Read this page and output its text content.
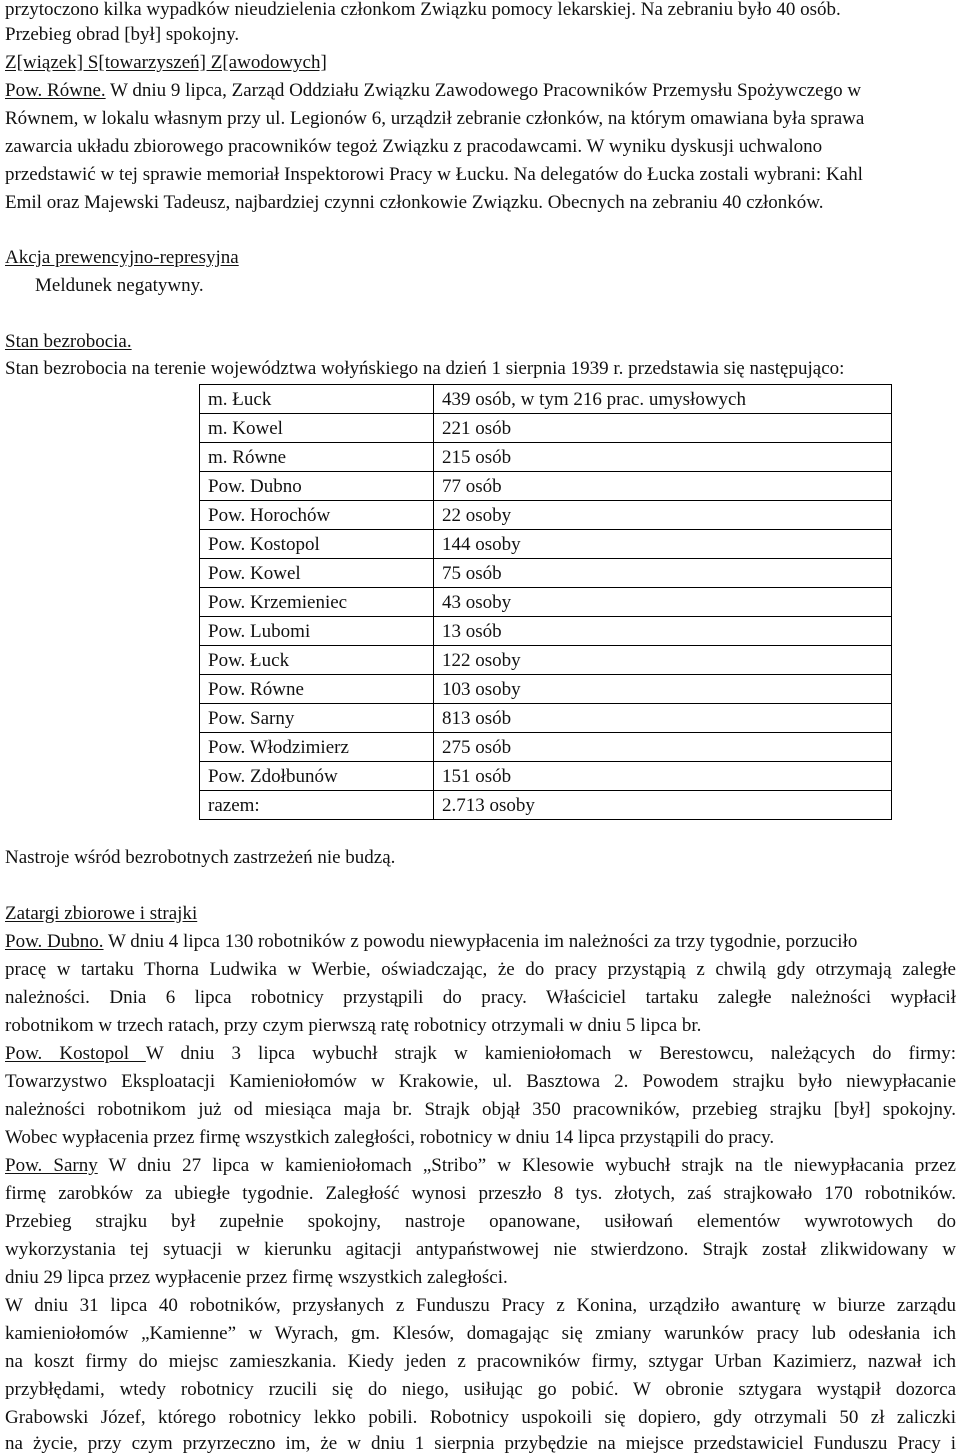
przytoczono kilka wypadków nieudzielenia członkom Związku pomocy lekarskiej. Na zebraniu było 40 osób.
Przebieg obrad [był] spokojny.
Z[wiązek] S[towarzyszeń] Z[awodowych]
Pow. Równe. W dniu 9 lipca, Zarząd Oddziału Związku Zawodowego Pracowników Przemysłu Spożywczego w
Równem, w lokalu własnym przy ul. Legionów 6, urządził zebranie członków, na którym omawiana była sprawa
zawarcia układu zbiorowego pracowników tegoż Związku z pracodawcami. W wyniku dyskusji uchwalono
przedstawić w tej sprawie memoriał Inspektorowi Pracy w Łucku. Na delegatów do Łucka zostali wybrani: Kahl
Emil oraz Majewski Tadeusz, najbardziej czynni członkowie Związku. Obecnych na zebraniu 40 członków.
Akcja prewencyjno-represyjna
Meldunek negatywny.
Stan bezrobocia.
Stan bezrobocia na terenie województwa wołyńskiego na dzień 1 sierpnia 1939 r. przedstawia się następująco:
m. Łuck	439 osób, w tym 216 prac. umysłowych
m. Kowel	221 osób
m. Równe	215 osób
Pow. Dubno	77 osób
Pow. Horochów	22 osoby
Pow. Kostopol	144 osoby
Pow. Kowel	75 osób
Pow. Krzemieniec	43 osoby
Pow. Lubomi	13 osób
Pow. Łuck	122 osoby
Pow. Równe	103 osoby
Pow. Sarny	813 osób
Pow. Włodzimierz	275 osób
Pow. Zdołbunów	151 osób
razem:	2.713 osoby
Nastroje wśród bezrobotnych zastrzeżeń nie budzą.
Zatargi zbiorowe i strajki
Pow. Dubno. W dniu 4 lipca 130 robotników z powodu niewypłacenia im należności za trzy tygodnie, porzuciło
pracę w tartaku Thorna Ludwika w Werbie, oświadczając, że do pracy przystąpią z chwilą gdy otrzymają zaległe
należności. Dnia 6 lipca robotnicy przystąpili do pracy. Właściciel tartaku zaległe należności wypłacił
robotnikom w trzech ratach, przy czym pierwszą ratę robotnicy otrzymali w dniu 5 lipca br.
Pow. Kostopol W dniu 3 lipca wybuchł strajk w kamieniołomach w Berestowcu, należących do firmy:
Towarzystwo Eksploatacji Kamieniołomów w Krakowie, ul. Basztowa 2. Powodem strajku było niewypłacanie
należności robotnikom już od miesiąca maja br. Strajk objął 350 pracowników, przebieg strajku [był] spokojny.
Wobec wypłacenia przez firmę wszystkich zaległości, robotnicy w dniu 14 lipca przystąpili do pracy.
Pow. Sarny W dniu 27 lipca w kamieniołomach „Stribo” w Klesowie wybuchł strajk na tle niewypłacania przez
firmę zarobków za ubiegłe tygodnie. Zaległość wynosi przeszło 8 tys. złotych, zaś strajkowało 170 robotników.
Przebieg strajku był zupełnie spokojny, nastroje opanowane, usiłowań elementów wywrotowych do
wykorzystania tej sytuacji w kierunku agitacji antypaństwowej nie stwierdzono. Strajk został zlikwidowany w
dniu 29 lipca przez wypłacenie przez firmę wszystkich zaległości.
W dniu 31 lipca 40 robotników, przysłanych z Funduszu Pracy z Konina, urządziło awanturę w biurze zarządu
kamieniołomów „Kamienne” w Wyrach, gm. Klesów, domagając się zmiany warunków pracy lub odesłania ich
na koszt firmy do miejsc zamieszkania. Kiedy jeden z pracowników firmy, sztygar Urban Kazimierz, nazwał ich
przybłędami, wtedy robotnicy rzucili się do niego, usiłując go pobić. W obronie sztygara wystąpił dozorca
Grabowski Józef, którego robotnicy lekko pobili. Robotnicy uspokoili się dopiero, gdy otrzymali 50 zł zaliczki
na życie, przy czym przyrzeczno im, że w dniu 1 sierpnia przybędzie na miejsce przedstawiciel Funduszu Pracy i
